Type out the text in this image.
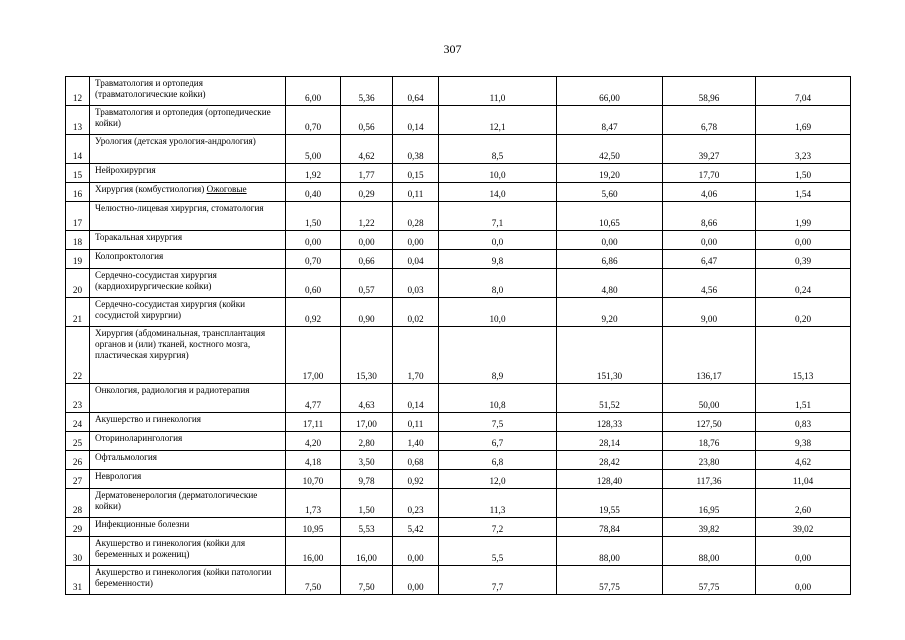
307
12	Травматология и ортопедия (травматологические койки)	6,00	5,36	0,64	11,0	66,00	58,96	7,04
13	Травматология и ортопедия (ортопедические койки)	0,70	0,56	0,14	12,1	8,47	6,78	1,69
14	Урология (детская урология-андрология)	5,00	4,62	0,38	8,5	42,50	39,27	3,23
15	Нейрохирургия	1,92	1,77	0,15	10,0	19,20	17,70	1,50
16	Хирургия (комбустиология) Ожоговые	0,40	0,29	0,11	14,0	5,60	4,06	1,54
17	Челюстно-лицевая хирургия, стоматология	1,50	1,22	0,28	7,1	10,65	8,66	1,99
18	Торакальная хирургия	0,00	0,00	0,00	0,0	0,00	0,00	0,00
19	Колопроктология	0,70	0,66	0,04	9,8	6,86	6,47	0,39
20	Сердечно-сосудистая хирургия (кардиохирургические койки)	0,60	0,57	0,03	8,0	4,80	4,56	0,24
21	Сердечно-сосудистая хирургия (койки сосудистой хирургии)	0,92	0,90	0,02	10,0	9,20	9,00	0,20
22	Хирургия (абдоминальная, трансплантация органов и (или) тканей, костного мозга, пластическая хирургия)	17,00	15,30	1,70	8,9	151,30	136,17	15,13
23	Онкология, радиология и радиотерапия	4,77	4,63	0,14	10,8	51,52	50,00	1,51
24	Акушерство и гинекология	17,11	17,00	0,11	7,5	128,33	127,50	0,83
25	Оториноларингология	4,20	2,80	1,40	6,7	28,14	18,76	9,38
26	Офтальмология	4,18	3,50	0,68	6,8	28,42	23,80	4,62
27	Неврология	10,70	9,78	0,92	12,0	128,40	117,36	11,04
28	Дерматовенерология (дерматологические койки)	1,73	1,50	0,23	11,3	19,55	16,95	2,60
29	Инфекционные болезни	10,95	5,53	5,42	7,2	78,84	39,82	39,02
30	Акушерство и гинекология (койки для беременных и рожениц)	16,00	16,00	0,00	5,5	88,00	88,00	0,00
31	Акушерство и гинекология (койки патологии беременности)	7,50	7,50	0,00	7,7	57,75	57,75	0,00
